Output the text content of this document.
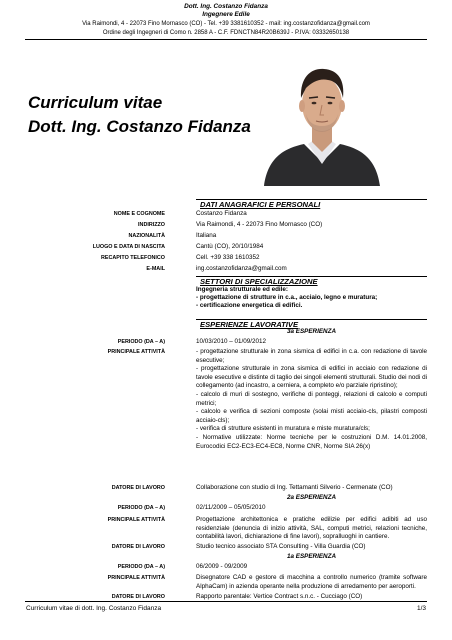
Dott. Ing. Costanzo Fidanza
Ingegnere Edile
Via Raimondi, 4 - 22073 Fino Mornasco (CO) - Tel. +39 3381610352 - mail: ing.costanzofidanza@gmail.com
Ordine degli Ingegneri di Como n. 2858 A - C.F. FDNCTN84R20B639J - P.IVA: 03332650138
Curriculum vitae
Dott. Ing. Costanzo Fidanza
DATI ANAGRAFICI E PERSONALI
NOME E COGNOME	Costanzo Fidanza
INDIRIZZO	Via Raimondi, 4 - 22073 Fino Mornasco (CO)
NAZIONALITÀ	Italiana
LUOGO E DATA DI NASCITA	Cantù (CO), 20/10/1984
RECAPITO TELEFONICO	Cell. +39 338 1610352
E-MAIL	ing.costanzofidanza@gmail.com
SETTORI DI SPECIALIZZAZIONE
Ingegneria strutturale ed edile:
- progettazione di strutture in c.a., acciaio, legno e muratura;
- certificazione energetica di edifici.
ESPERIENZE LAVORATIVE
3a ESPERIENZA
PERIODO (DA – A)	10/03/2010 – 01/09/2012
PRINCIPALE ATTIVITÀ	- progettazione strutturale in zona sismica di edifici in c.a. con redazione di tavole esecutive;
- progettazione strutturale in zona sismica di edifici in acciaio con redazione di tavole esecutive e distinte di taglio dei singoli elementi strutturali. Studio dei nodi di collegamento (ad incastro, a cerniera, a completo e/o parziale ripristino);
- calcolo di muri di sostegno, verifiche di ponteggi, relazioni di calcolo e computi metrici;
- calcolo e verifica di sezioni composte (solai misti acciaio-cls, pilastri composti acciaio-cls);
- verifica di strutture esistenti in muratura e miste muratura/cls;
- Normative utilizzate: Norme tecniche per le costruzioni D.M. 14.01.2008, Eurocodici EC2-EC3-EC4-EC8, Norme CNR, Norme SIA 26(x)
DATORE DI LAVORO	Collaborazione con studio di Ing. Tettamanti Silverio - Cermenate (CO)
2a ESPERIENZA
PERIODO (DA – A)	02/11/2009 – 05/05/2010
PRINCIPALE ATTIVITÀ	Progettazione architettonica e pratiche edilizie per edifici adibiti ad uso residenziale (denuncia di inizio attività, SAL, computi metrici, relazioni tecniche, contabilità lavori, dichiarazione di fine lavori), sopralluoghi in cantiere.
DATORE DI LAVORO	Studio tecnico associato STA Consulting - Villa Guardia (CO)
1a ESPERIENZA
PERIODO (DA – A)	06/2009 - 09/2009
PRINCIPALE ATTIVITÀ	Disegnatore CAD e gestore di macchina a controllo numerico (tramite software AlphaCam) in azienda operante nella produzione di arredamento per aeroporti.
DATORE DI LAVORO	Rapporto parentale: Vertice Contract s.n.c. - Cucciago (CO)
Curriculum vitae di dott. Ing. Costanzo Fidanza	1/3
